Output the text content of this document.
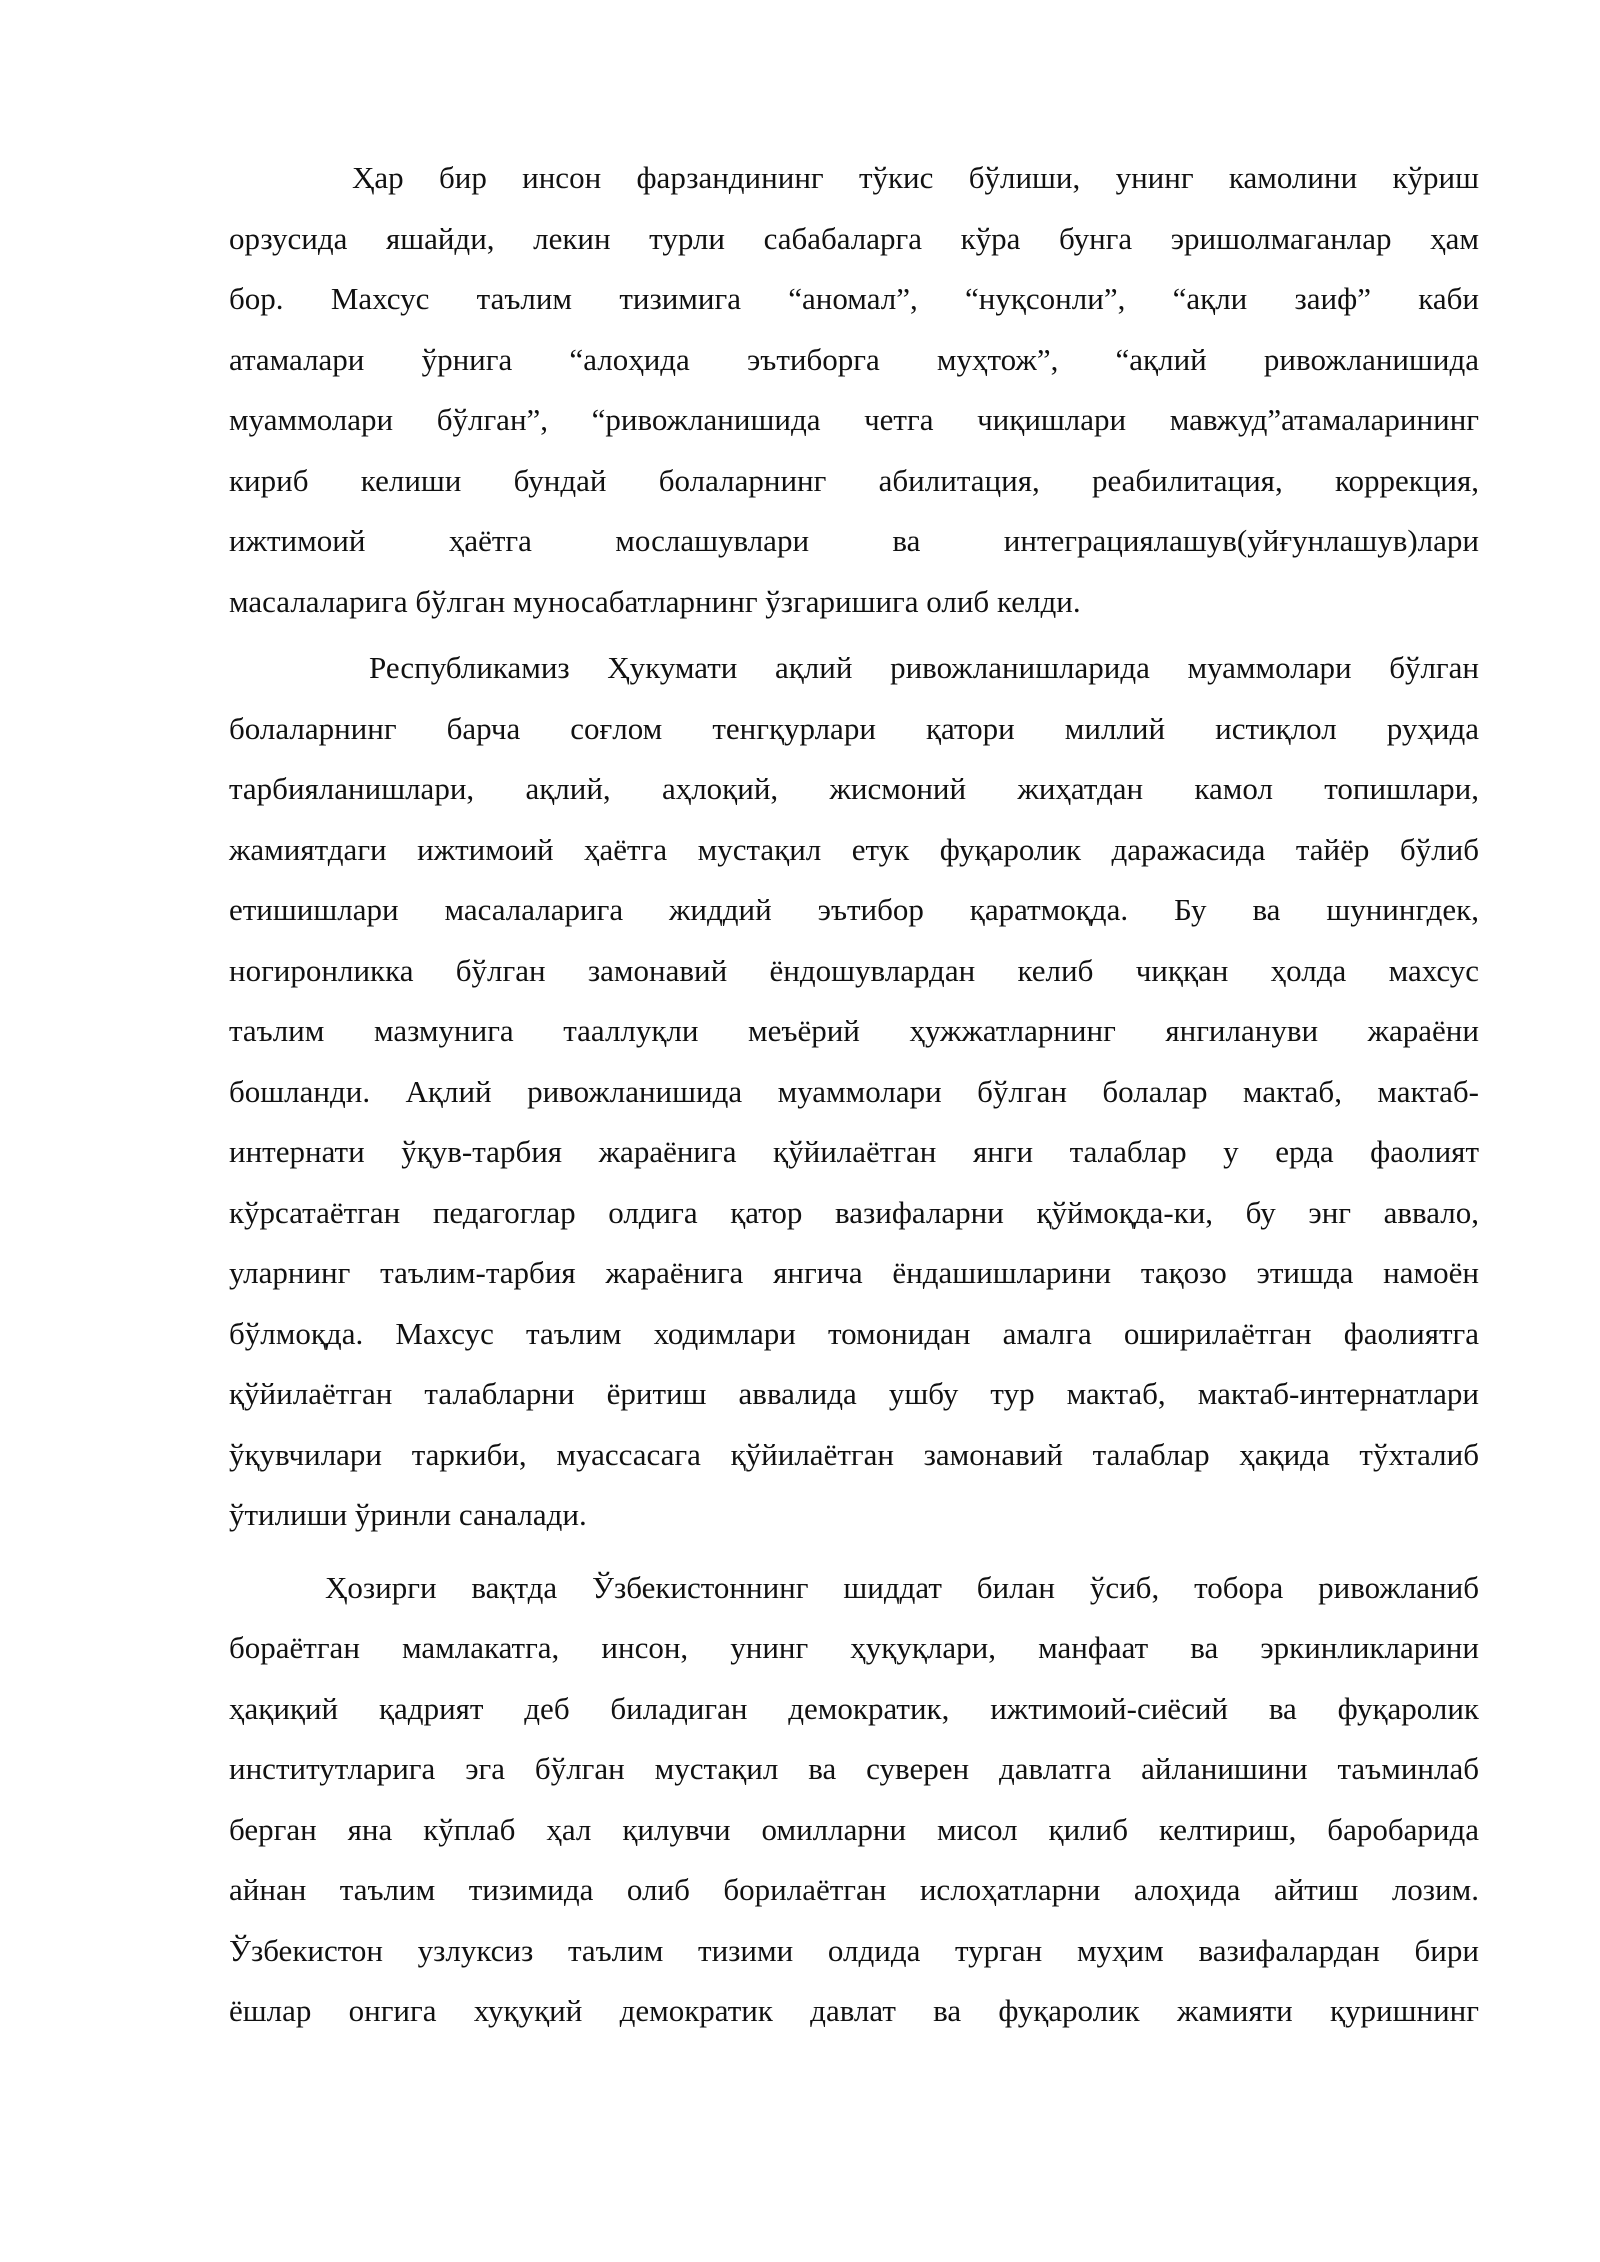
Ҳар бир инсон фарзандининг тўкис бўлиши, унинг камолини кўриш
орзусида яшайди, лекин турли сабабаларга кўра бунга эришолмаганлар ҳам
бор. Махсус таълим тизимига “аномал”, “нуқсонли”, “ақли заиф” каби
атамалари ўрнига “алоҳида эътиборга муҳтож”, “ақлий ривожланишида
муаммолари бўлган”, “ривожланишида четга чиқишлари мавжуд”атамаларининг
кириб келиши бундай болаларнинг абилитация, реабилитация, коррекция,
ижтимоий ҳаётга мослашувлари ва интеграциялашув(уйғунлашув)лари
масалаларига бўлган муносабатларнинг ўзгаришига олиб келди.
Республикамиз Ҳукумати ақлий ривожланишларида муаммолари бўлган
болаларнинг барча соғлом тенгқурлари қатори миллий истиқлол руҳида
тарбияланишлари, ақлий, аҳлоқий, жисмоний жиҳатдан камол топишлари,
жамиятдаги ижтимоий ҳаётга мустақил етук фуқаролик даражасида тайёр бўлиб
етишишлари масалаларига жиддий эътибор қаратмоқда. Бу ва шунингдек,
ногиронликка бўлган замонавий ёндошувлардан келиб чиққан ҳолда махсус
таълим мазмунига тааллуқли меъёрий ҳужжатларнинг янгилануви жараёни
бошланди. Ақлий ривожланишида муаммолари бўлган болалар мактаб, мактаб-
интернати ўқув-тарбия жараёнига қўйилаётган янги талаблар у ерда фаолият
кўрсатаётган педагоглар олдига қатор вазифаларни қўймоқда-ки, бу энг аввало,
уларнинг таълим-тарбия жараёнига янгича ёндашишларини тақозо этишда намоён
бўлмоқда. Махсус таълим ходимлари томонидан амалга оширилаётган фаолиятга
қўйилаётган талабларни ёритиш аввалида ушбу тур мактаб, мактаб-интернатлари
ўқувчилари таркиби, муассасага қўйилаётган замонавий талаблар ҳақида тўхталиб
ўтилиши ўринли саналади.
Ҳозирги вақтда Ўзбекистоннинг шиддат билан ўсиб, тобора ривожланиб
бораётган мамлакатга, инсон, унинг ҳуқуқлари, манфаат ва эркинликларини
ҳақиқий қадрият деб биладиган демократик, ижтимоий-сиёсий ва фуқаролик
институтларига эга бўлган мустақил ва суверен давлатга айланишини таъминлаб
берган яна кўплаб ҳал қилувчи омилларни мисол қилиб келтириш, баробарида
айнан таълим тизимида олиб борилаётган ислоҳатларни алоҳида айтиш лозим.
Ўзбекистон узлуксиз таълим тизими олдида турган муҳим вазифалардан бири
ёшлар онгига хуқуқий демократик давлат ва фуқаролик жамияти қуришнинг
